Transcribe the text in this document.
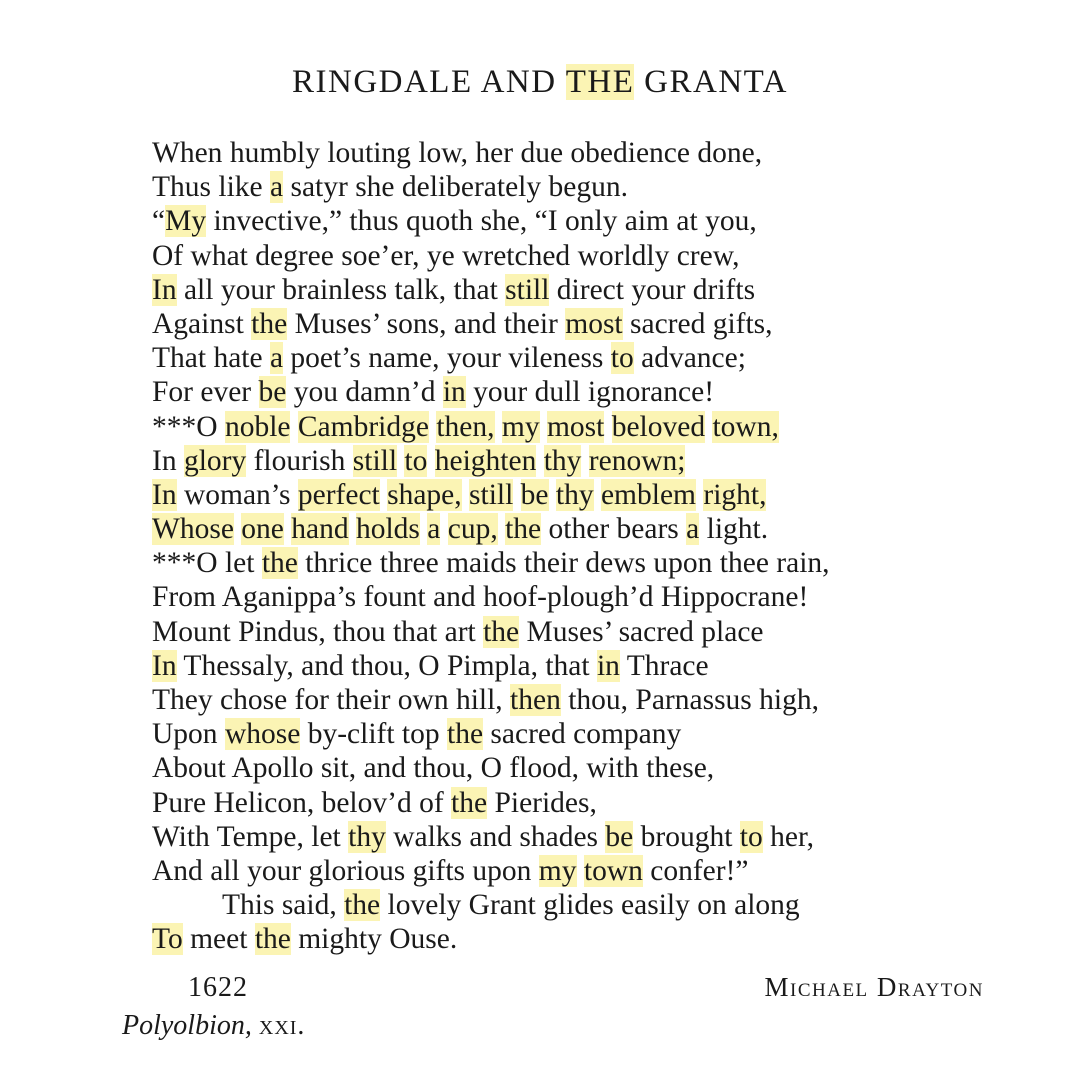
RINGDALE AND THE GRANTA
When humbly louting low, her due obedience done,
Thus like a satyr she deliberately begun.
“My invective,” thus quoth she, “I only aim at you,
Of what degree soe’er, ye wretched worldly crew,
In all your brainless talk, that still direct your drifts
Against the Muses’ sons, and their most sacred gifts,
That hate a poet’s name, your vileness to advance;
For ever be you damn’d in your dull ignorance!
***O noble Cambridge then, my most beloved town,
In glory flourish still to heighten thy renown;
In woman’s perfect shape, still be thy emblem right,
Whose one hand holds a cup, the other bears a light.
***O let the thrice three maids their dews upon thee rain,
From Aganippa’s fount and hoof-plough’d Hippocrane!
Mount Pindus, thou that art the Muses’ sacred place
In Thessaly, and thou, O Pimpla, that in Thrace
They chose for their own hill, then thou, Parnassus high,
Upon whose by-clift top the sacred company
About Apollo sit, and thou, O flood, with these,
Pure Helicon, belov’d of the Pierides,
With Tempe, let thy walks and shades be brought to her,
And all your glorious gifts upon my town confer!”
This said, the lovely Grant glides easily on along
To meet the mighty Ouse.
1622	Michael Drayton
Polyolbion, xxi.
